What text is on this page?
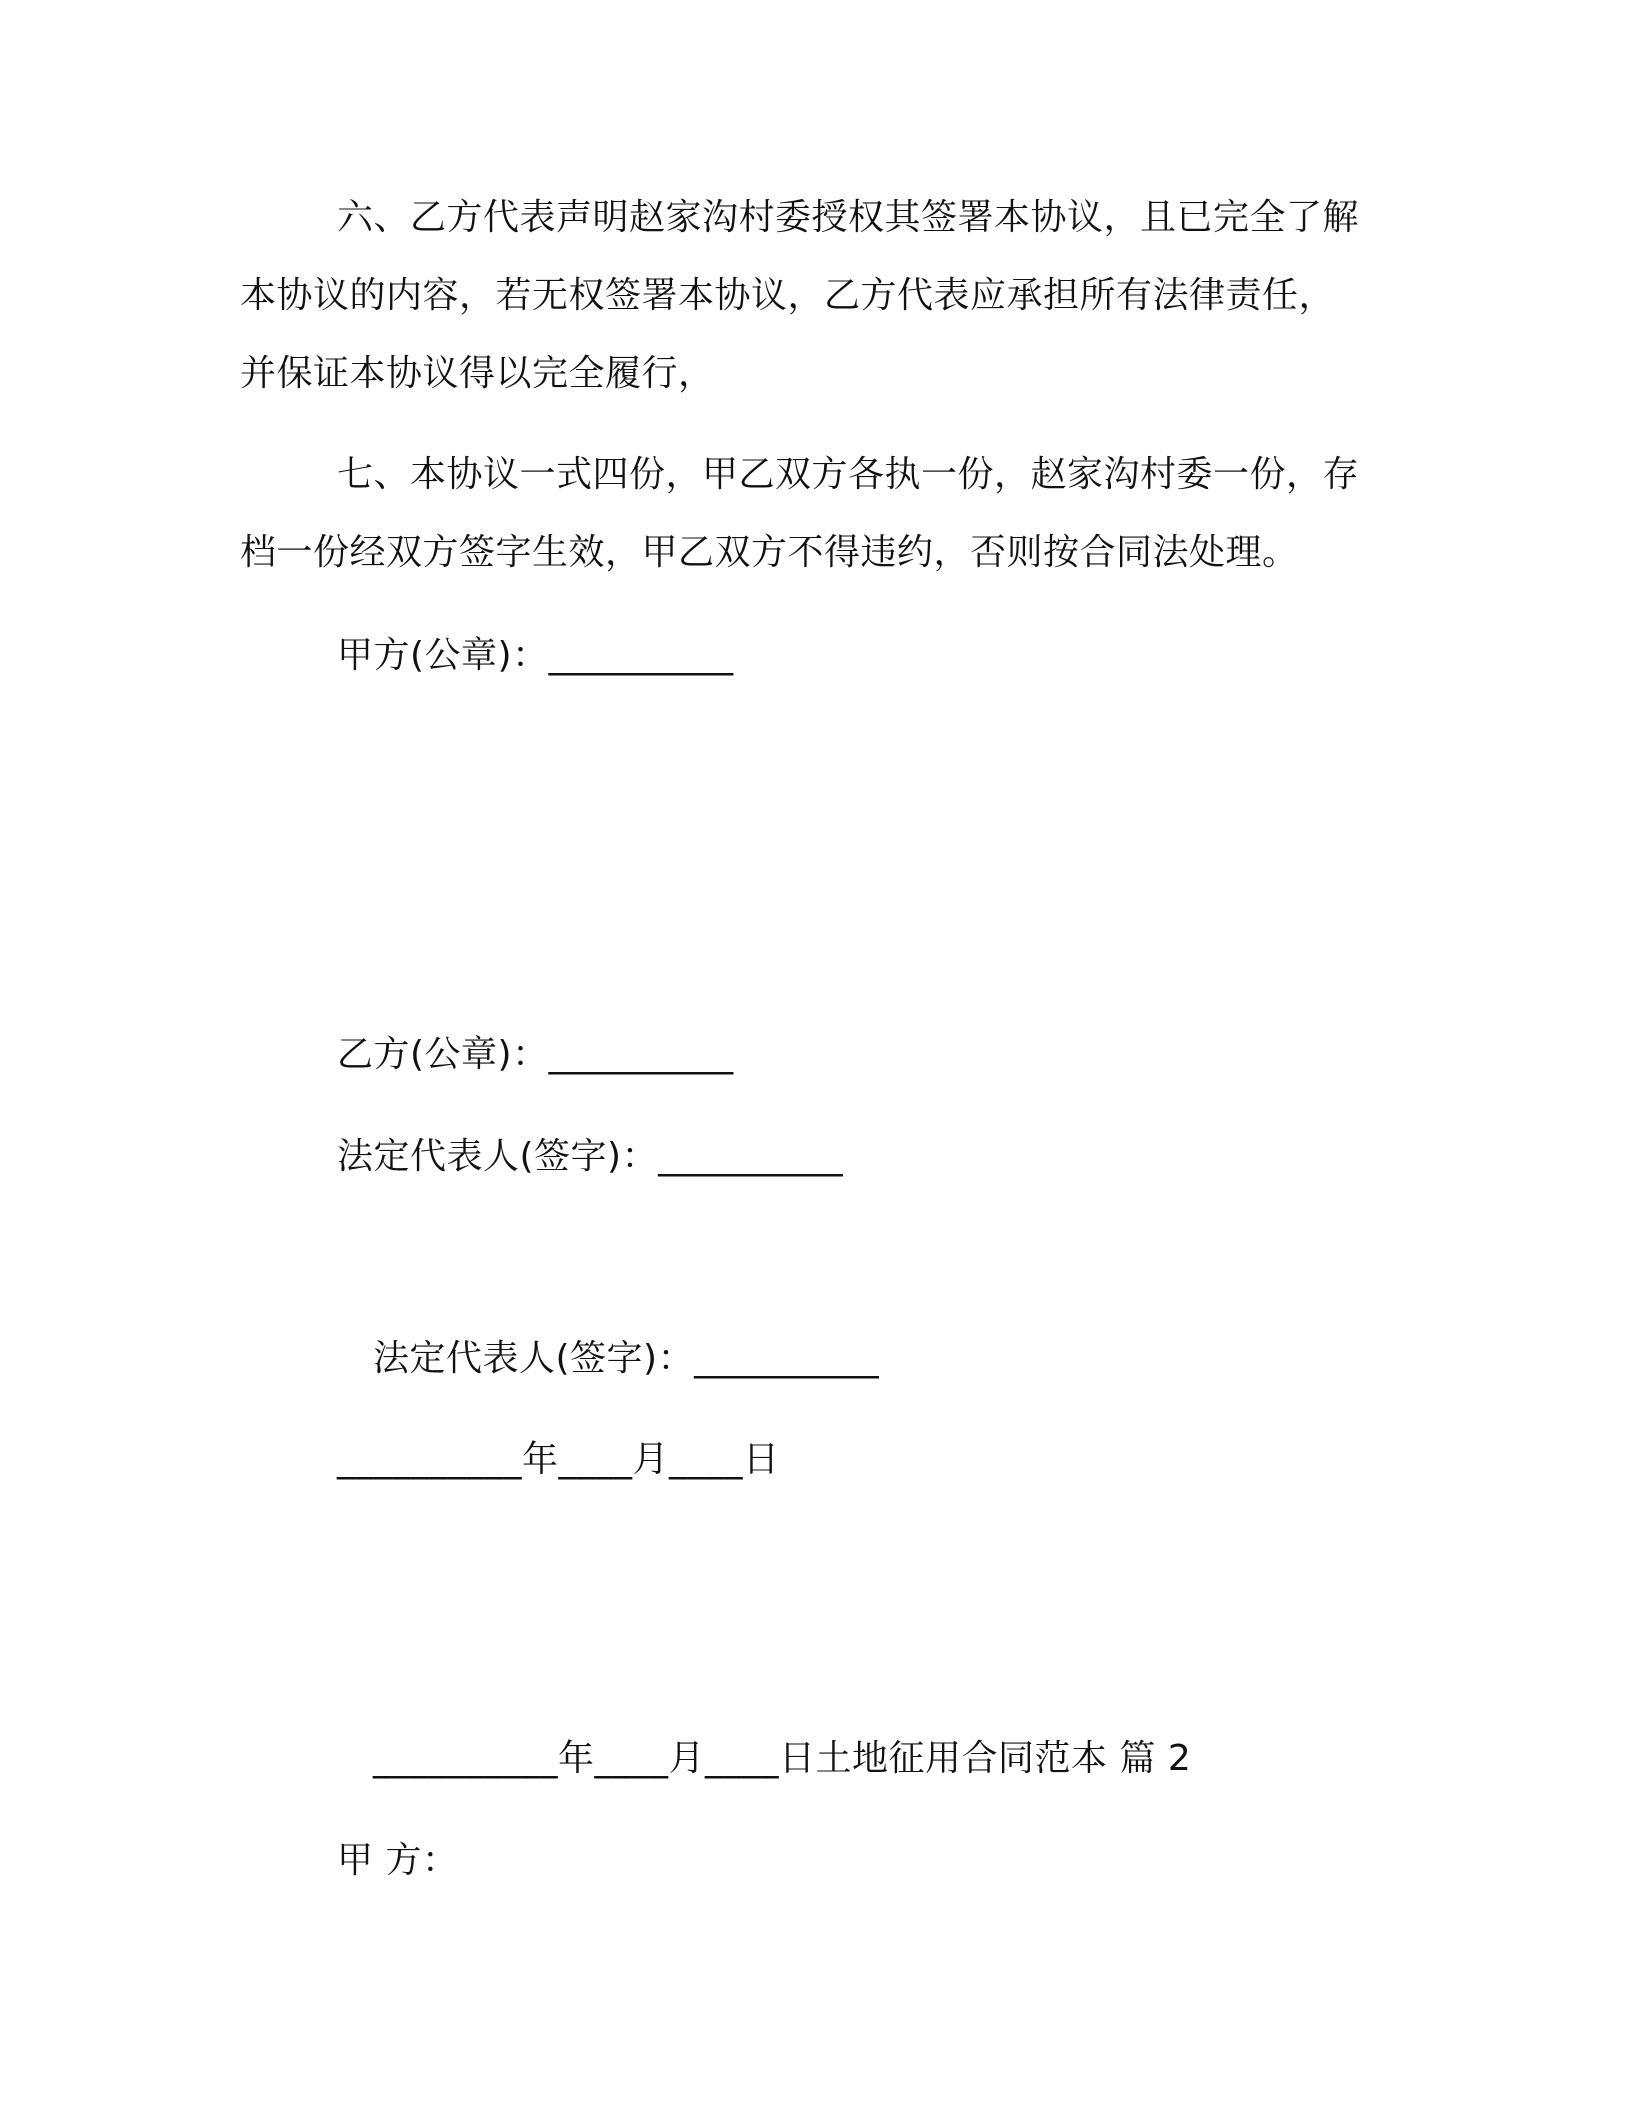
六、乙方代表声明赵家沟村委授权其签署本协议，且已完全了解
本协议的内容，若无权签署本协议，乙方代表应承担所有法律责任，
并保证本协议得以完全履行，
七、本协议一式四份，甲乙双方各执一份，赵家沟村委一份，存
档一份经双方签字生效，甲乙双方不得违约，否则按合同法处理。
甲方(公章)：__________
乙方(公章)：__________
法定代表人(签字)：__________
法定代表人(签字)：__________
__________年____月____日
__________年____月____日土地征用合同范本 篇 2
甲 方：
